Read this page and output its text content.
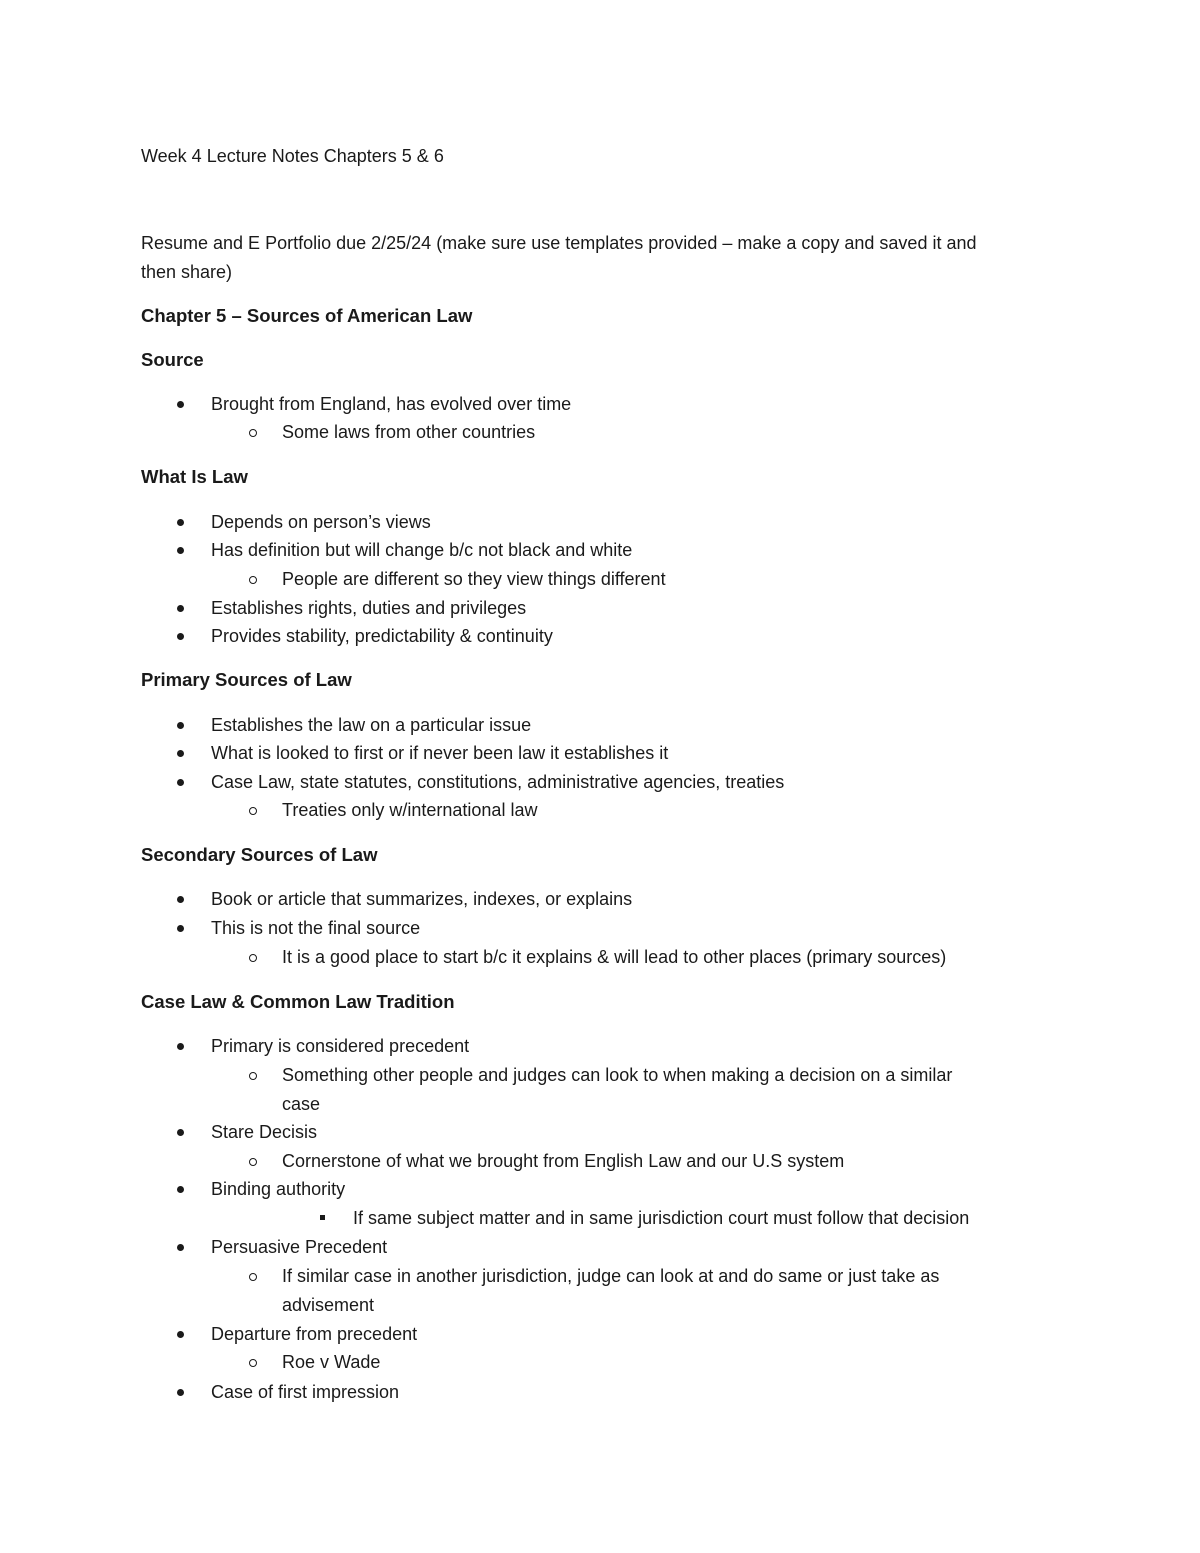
Week 4 Lecture Notes Chapters 5 & 6
Resume and E Portfolio due 2/25/24 (make sure use templates provided – make a copy and saved it and
then share)
Chapter 5 – Sources of American Law
Source
Brought from England, has evolved over time
Some laws from other countries
What Is Law
Depends on person’s views
Has definition but will change b/c not black and white
People are different so they view things different
Establishes rights, duties and privileges
Provides stability, predictability & continuity
Primary Sources of Law
Establishes the law on a particular issue
What is looked to first or if never been law it establishes it
Case Law, state statutes, constitutions, administrative agencies, treaties
Treaties only w/international law
Secondary Sources of Law
Book or article that summarizes, indexes, or explains
This is not the final source
It is a good place to start b/c it explains & will lead to other places (primary sources)
Case Law & Common Law Tradition
Primary is considered precedent
Something other people and judges can look to when making a decision on a similar
case
Stare Decisis
Cornerstone of what we brought from English Law and our U.S system
Binding authority
If same subject matter and in same jurisdiction court must follow that decision
Persuasive Precedent
If similar case in another jurisdiction, judge can look at and do same or just take as
advisement
Departure from precedent
Roe v Wade
Case of first impression
